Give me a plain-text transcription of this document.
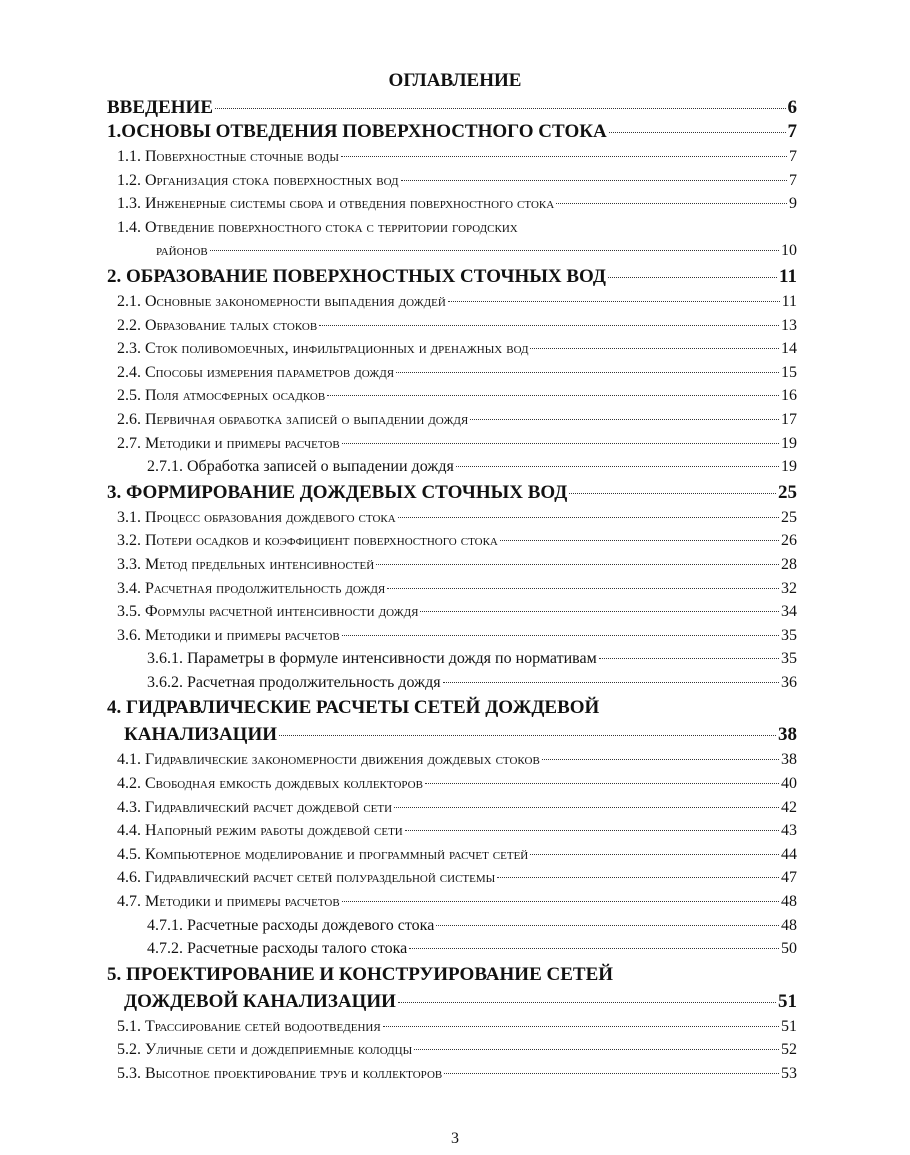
ОГЛАВЛЕНИЕ
ВВЕДЕНИЕ	6
1.ОСНОВЫ ОТВЕДЕНИЯ ПОВЕРХНОСТНОГО СТОКА	7
1.1. Поверхностные сточные воды	7
1.2. Организация стока поверхностных вод	7
1.3. Инженерные системы сбора и отведения поверхностного стока	9
1.4. Отведение поверхностного стока с территории городских
районов	10
2. ОБРАЗОВАНИЕ ПОВЕРХНОСТНЫХ СТОЧНЫХ ВОД	11
2.1. Основные закономерности выпадения дождей	11
2.2. Образование талых стоков	13
2.3. Сток поливомоечных, инфильтрационных и дренажных вод	14
2.4. Способы измерения параметров дождя	15
2.5. Поля атмосферных осадков	16
2.6. Первичная обработка записей о выпадении дождя	17
2.7. Методики и примеры расчетов	19
2.7.1. Обработка записей о выпадении дождя	19
3. ФОРМИРОВАНИЕ ДОЖДЕВЫХ СТОЧНЫХ ВОД	25
3.1. Процесс образования дождевого стока	25
3.2. Потери осадков и коэффициент поверхностного стока	26
3.3. Метод предельных интенсивностей	28
3.4. Расчетная продолжительность дождя	32
3.5. Формулы расчетной интенсивности дождя	34
3.6. Методики и примеры расчетов	35
3.6.1. Параметры в формуле интенсивности дождя по нормативам	35
3.6.2. Расчетная продолжительность дождя	36
4. ГИДРАВЛИЧЕСКИЕ РАСЧЕТЫ СЕТЕЙ ДОЖДЕВОЙ
КАНАЛИЗАЦИИ	38
4.1. Гидравлические закономерности движения дождевых стоков	38
4.2. Свободная емкость дождевых коллекторов	40
4.3. Гидравлический расчет дождевой сети	42
4.4. Напорный режим работы дождевой сети	43
4.5. Компьютерное моделирование и программный расчет сетей	44
4.6. Гидравлический расчет сетей полураздельной системы	47
4.7. Методики и примеры расчетов	48
4.7.1. Расчетные расходы дождевого стока	48
4.7.2. Расчетные расходы талого стока	50
5. ПРОЕКТИРОВАНИЕ И КОНСТРУИРОВАНИЕ СЕТЕЙ
ДОЖДЕВОЙ КАНАЛИЗАЦИИ	51
5.1. Трассирование сетей водоотведения	51
5.2. Уличные сети и дождеприемные колодцы	52
5.3. Высотное проектирование труб и коллекторов	53
3
